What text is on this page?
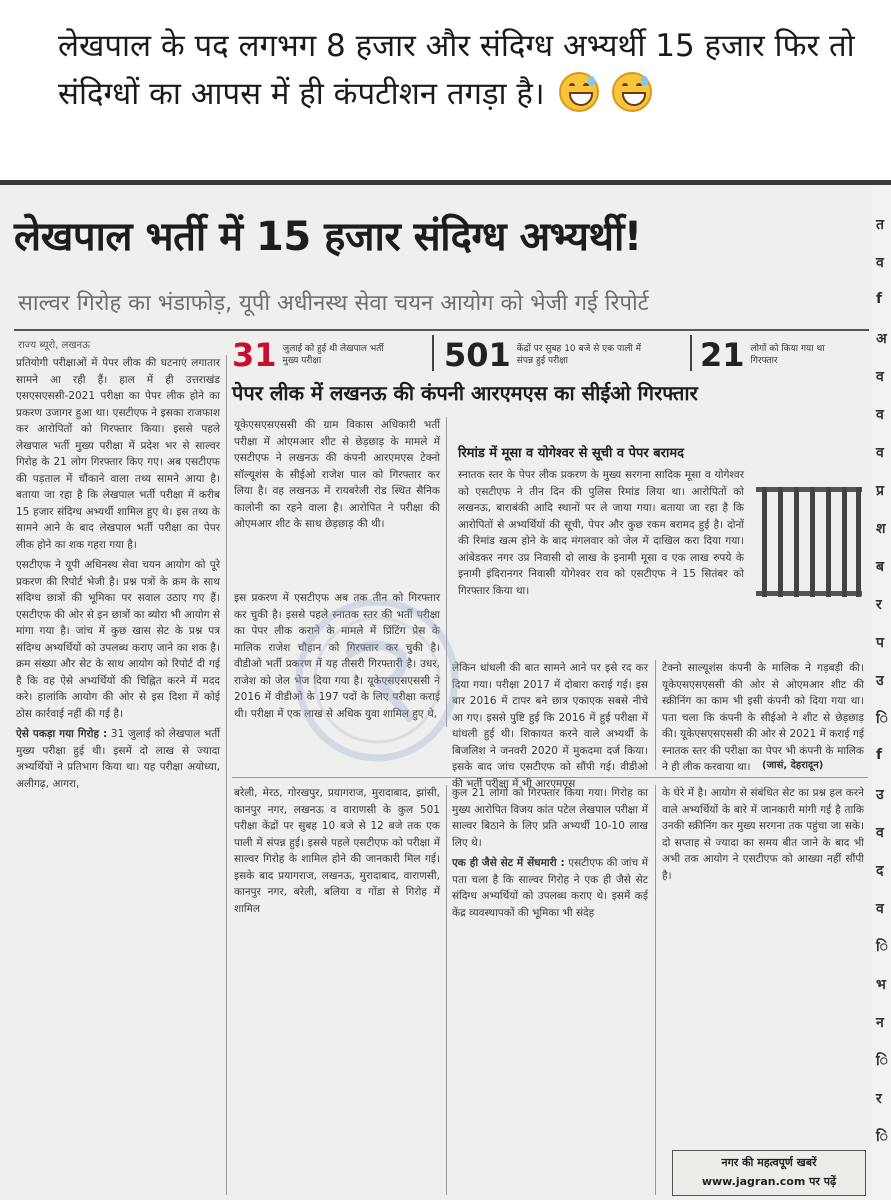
लेखपाल के पद लगभग 8 हजार और संदिग्ध अभ्यर्थी 15 हजार फिर तो संदिग्धों का आपस में ही कंपटीशन तगड़ा है।

लेखपाल भर्ती में 15 हजार संदिग्ध अभ्यर्थी!
साल्वर गिरोह का भंडाफोड़, यूपी अधीनस्थ सेवा चयन आयोग को भेजी गई रिपोर्ट
राज्य ब्यूरो, लखनऊ	31 जुलाई को हुई थी लेखपाल भर्ती मुख्य परीक्षा	501 केंद्रों पर सुबह 10 बजे से एक पाली में संपन्न हुई परीक्षा	21 लोगों को किया गया था गिरफ्तार
पेपर लीक में लखनऊ की कंपनी आरएमएस का सीईओ गिरफ्तार

प्रतियोगी परीक्षाओं में पेपर लीक की घटनाएं लगातार सामने आ रही हैं। हाल में ही उत्तराखंड एसएसएससी-2021 परीक्षा का पेपर लीक होने का प्रकरण उजागर हुआ था। एसटीएफ ने इसका राजफाश कर आरोपितों को गिरफ्तार किया। इससे पहले लेखपाल भर्ती मुख्य परीक्षा में प्रदेश भर से साल्वर गिरोह के 21 लोग गिरफ्तार किए गए। अब एसटीएफ की पड़ताल में चौंकाने वाला तथ्य सामने आया है। बताया जा रहा है कि लेखपाल भर्ती परीक्षा में करीब 15 हजार संदिग्ध अभ्यर्थी शामिल हुए थे। इस तथ्य के सामने आने के बाद लेखपाल भर्ती परीक्षा का पेपर लीक होने का शक गहरा गया है।

एसटीएफ ने यूपी अधिनस्थ सेवा चयन आयोग को पूरे प्रकरण की रिपोर्ट भेजी है। प्रश्न पत्रों के क्रम के साथ संदिग्ध छात्रों की भूमिका पर सवाल उठाए गए हैं। एसटीएफ की ओर से इन छात्रों का ब्योरा भी आयोग से मांगा गया है। जांच में कुछ खास सेट के प्रश्न पत्र संदिग्ध अभ्यर्थियों को उपलब्ध कराए जाने का शक है। क्रम संख्या और सेट के साथ आयोग को रिपोर्ट दी गई है कि वह ऐसे अभ्यर्थियों की चिह्नित करने में मदद करे। हालांकि आयोग की ओर से इस दिशा में कोई ठोस कार्रवाई नहीं की गई है।

ऐसे पकड़ा गया गिरोह : 31 जुलाई को लेखपाल भर्ती मुख्य परीक्षा हुई थी। इसमें दो लाख से ज्यादा अभ्यर्थियों ने प्रतिभाग किया था। यह परीक्षा अयोध्या, अलीगढ़, आगरा,

यूकेएसएसएससी की ग्राम विकास अधिकारी भर्ती परीक्षा में ओएमआर शीट से छेड़छाड़ के मामले में एसटीएफ ने लखनऊ की कंपनी आरएमएस टेक्नो सॉल्यूशंस के सीईओ राजेश पाल को गिरफ्तार कर लिया है। वह लखनऊ में रायबरेली रोड स्थित सैनिक कालोनी का रहने वाला है। आरोपित ने परीक्षा की ओएमआर शीट के साथ छेड़छाड़ की थी।

रिमांड में मूसा व योगेश्वर से सूची व पेपर बरामद

स्नातक स्तर के पेपर लीक प्रकरण के मुख्य सरगना सादिक मूसा व योगेश्वर को एसटीएफ ने तीन दिन की पुलिस रिमांड लिया था। आरोपितों को लखनऊ, बाराबंकी आदि स्थानों पर ले जाया गया। बताया जा रहा है कि आरोपितों से अभ्यर्थियों की सूची, पेपर और कुछ रकम बरामद हुई है। दोनों की रिमांड खत्म होने के बाद मंगलवार को जेल में दाखिल करा दिया गया। आंबेडकर नगर उप्र निवासी दो लाख के इनामी मूसा व एक लाख रुपये के इनामी इंदिरानगर निवासी योगेश्वर राव को एसटीएफ ने 15 सितंबर को गिरफ्तार किया था।

इस प्रकरण में एसटीएफ अब तक तीन को गिरफ्तार कर चुकी है। इससे पहले स्नातक स्तर की भर्ती परीक्षा का पेपर लीक कराने के मामले में प्रिंटिंग प्रेस के मालिक राजेश चौहान को गिरफ्तार कर चुकी है। वीडीओ भर्ती प्रकरण में यह तीसरी गिरफ्तारी है। उधर, राजेश को जेल भेज दिया गया है। यूकेएसएसएससी ने 2016 में वीडीओ के 197 पदों के लिए परीक्षा कराई थी। परीक्षा में एक लाख से अधिक युवा शामिल हुए थे,

लेकिन धांधली की बात सामने आने पर इसे रद कर दिया गया। परीक्षा 2017 में दोबारा कराई गई। इस बार 2016 में टापर बने छात्र एकाएक सबसे नीचे आ गए। इससे पुष्टि हुई कि 2016 में हुई परीक्षा में धांधली हुई थी। शिकायत करने वाले अभ्यर्थी के बिजलिश ने जनवरी 2020 में मुकदमा दर्ज किया। इसके बाद जांच एसटीएफ को सौंपी गई। वीडीओ की भर्ती परीक्षा में भी आरएमएस

टेक्नो साल्यूशंस कंपनी के मालिक ने गड़बड़ी की। यूकेएसएसएससी की ओर से ओएमआर शीट की स्क्रीनिंग का काम भी इसी कंपनी को दिया गया था। पता चला कि कंपनी के सीईओ ने शीट से छेड़छाड़ की। यूकेएसएसएससी की ओर से 2021 में कराई गई स्नातक स्तर की परीक्षा का पेपर भी कंपनी के मालिक ने ही लीक करवाया था।	(जासं, देहरादून)

बरेली, मेरठ, गोरखपुर, प्रयागराज, मुरादाबाद, झांसी, कानपुर नगर, लखनऊ व वाराणसी के कुल 501 परीक्षा केंद्रों पर सुबह 10 बजे से 12 बजे तक एक पाली में संपन्न हुई। इससे पहले एसटीएफ को परीक्षा में साल्वर गिरोह के शामिल होने की जानकारी मिल गई। इसके बाद प्रयागराज, लखनऊ, मुरादाबाद, वाराणसी, कानपुर नगर, बरेली, बलिया व गोंडा से गिरोह में शामिल

कुल 21 लोगों को गिरफ्तार किया गया। गिरोह का मुख्य आरोपित विजय कांत पटेल लेखपाल परीक्षा में साल्वर बिठाने के लिए प्रति अभ्यर्थी 10-10 लाख लिए थे।

एक ही जैसे सेट में सेंधमारी : एसटीएफ की जांच में पता चला है कि साल्वर गिरोह ने एक ही जैसे सेट संदिग्ध अभ्यर्थियों को उपलब्ध कराए थे। इसमें कई केंद्र व्यवस्थापकों की भूमिका भी संदेह

के घेरे में है। आयोग से संबंधित सेट का प्रश्न हल करने वाले अभ्यर्थियों के बारे में जानकारी मांगी गई है ताकि उनकी स्क्रीनिंग कर मुख्य सरगना तक पहुंचा जा सके। दो सप्ताह से ज्यादा का समय बीत जाने के बाद भी अभी तक आयोग ने एसटीएफ को आख्या नहीं सौंपी है।

नगर की महत्वपूर्ण खबरें
www.jagran.com पर पढ़ें
त
व
f
अ
व
व
व
प्र
श
ब
र
प
उ
ि
f
उ
व
द
व
ि
भ
न
ि
र
ि
